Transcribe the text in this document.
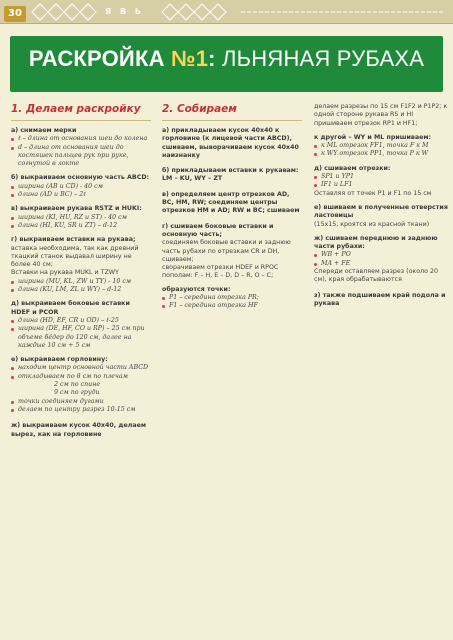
30	Я В Ь
РАСКРОЙКА №1: ЛЬНЯНАЯ РУБАХА
1. Делаем раскройку
а) снимаем мерки
ℓ – длина от основания шеи до колена
d – длина от основания шеи до костяшек пальцев рук при руке, согнутой в локте
б) выкраиваем основную часть ABCD:
ширина (AB и CD) - 40 см
длина (AD и BC) – 2ℓ
в) выкраиваем рукава RSTZ и HUKI:
ширина (KI, HU, RZ и ST) - 40 см
длина (HI, KU, SR и ZT) – d-12
г) выкраиваем вставки на рукава;
вставка необходима, так как древний ткацкий станок выдавал ширину не более 40 см;
Вставки на рукава MUKL и TZWY
ширина (MU, KL, ZW и TY) - 10 см
длина (KU, LM, ZL и WY) – d-12
д) выкраиваем боковые вставки HDEF и PCOR
длина (HD, EF, CR и OD) – ℓ-25
ширина (DE, HF, CO и RP) – 25 см при объеме бёдер до 120 см, далее на каждые 10 см + 5 см
е) выкраиваем горловину:
находим центр основной части ABCD
откладываем по 8 см по плечам
2 см по спине
9 см по груди
точки соединяем дугами
делаем по центру разрез 10-15 см
ж) выкраиваем кусок 40х40, делаем вырез, как на горловине
2. Собираем
а) прикладываем кусок 40х40 к горловине (к лицевой части ABCD), сшиваем, выворачиваем кусок 40х40 наизнанку
б) прикладываем вставки к рукавам: LM – KU, WY – ZT
в) определяем центр отрезков AD, BC, HM, RW; соединяем центры отрезков HM и AD; RW и BC; сшиваем
г) сшиваем боковые вставки и основную часть;
соединяем боковые вставки и заднюю часть рубахи по отрезкам CR и DH, сшиваем;
сворачиваем отрезки HDEF и RPOC пополам: F – H, E – D, D – R, O – C;
образуются точки:
P1 – середина отрезка PR;
F1 – середина отрезка HF
делаем разрезы по 15 см F1F2 и P1P2; к одной стороне рукава RS и HI пришиваем отрезок RP1 и HF1;
к другой – WY и ML пришиваем:
к ML отрезок FF1, точка F к M
к WY отрезок PP1, точка P к W
д) сшиваем отрезки:
SP1 и YP1
IF1 и LF1
Оставляя от точек P1 и F1 по 15 см
е) вшиваем в полученные отверстия ластовицы
(15х15, кроятся из красной ткани)
ж) сшиваем переднюю и заднюю части рубахи:
WB + PO
MA + FE
Спереди оставляем разрез (около 20 см), края обрабатываются
з) также подшиваем край подола и рукава
